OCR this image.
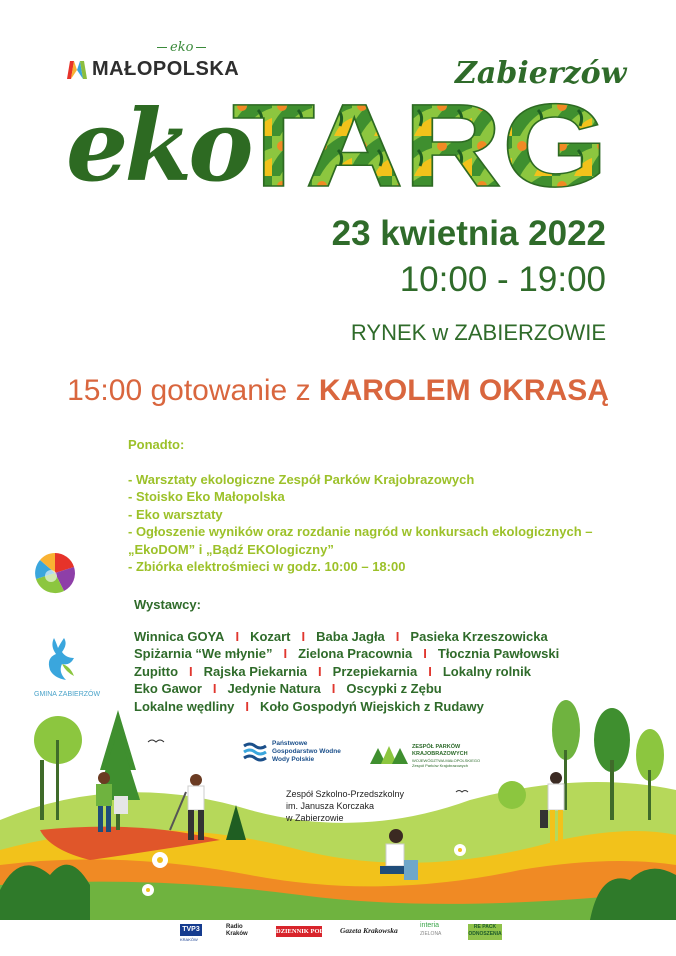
eko
MAŁOPOLSKA	Zabierzów
eko
TARG
23 kwietnia 2022
10:00 - 19:00
RYNEK w ZABIERZOWIE
15:00 gotowanie z KAROLEM OKRASĄ
Ponadto:
- Warsztaty ekologiczne Zespół Parków Krajobrazowych
- Stoisko Eko Małopolska
- Eko warsztaty
- Ogłoszenie wyników oraz rozdanie nagród w konkursach ekologicznych –
„EkoDOM” i „Bądź EKOlogiczny”
- Zbiórka elektrośmieci w godz. 10:00 – 18:00
GMINA ZABIERZÓW
Wystawcy:
Winnica GOYA I Kozart I Baba Jagła I Pasieka Krzeszowicka
Spiżarnia “We młynie” I Zielona Pracownia I Tłocznia Pawłowski
Zupitto I Rajska Piekarnia I Przepiekarnia I Lokalny rolnik
Eko Gawor I Jedynie Natura I Oscypki z Zębu
Lokalne wędliny I Koło Gospodyń Wiejskich z Rudawy
Państwowe
Gospodarstwo Wodne
Wody Polskie
ZESPÓŁ PARKÓW
KRAJOBRAZOWYCH
WOJEWÓDZTWA MAŁOPOLSKIEGO
Zespół Parków Krajobrazowych
Zespół Szkolno-Przedszkolny
im. Janusza Korczaka
w Zabierzowie
TVP3
KRAKÓW
Radio
Kraków	DZIENNIK POLSKI Gazeta Krakowska
interia
ZIELONA
RE PACK
ODNOSZENIA
